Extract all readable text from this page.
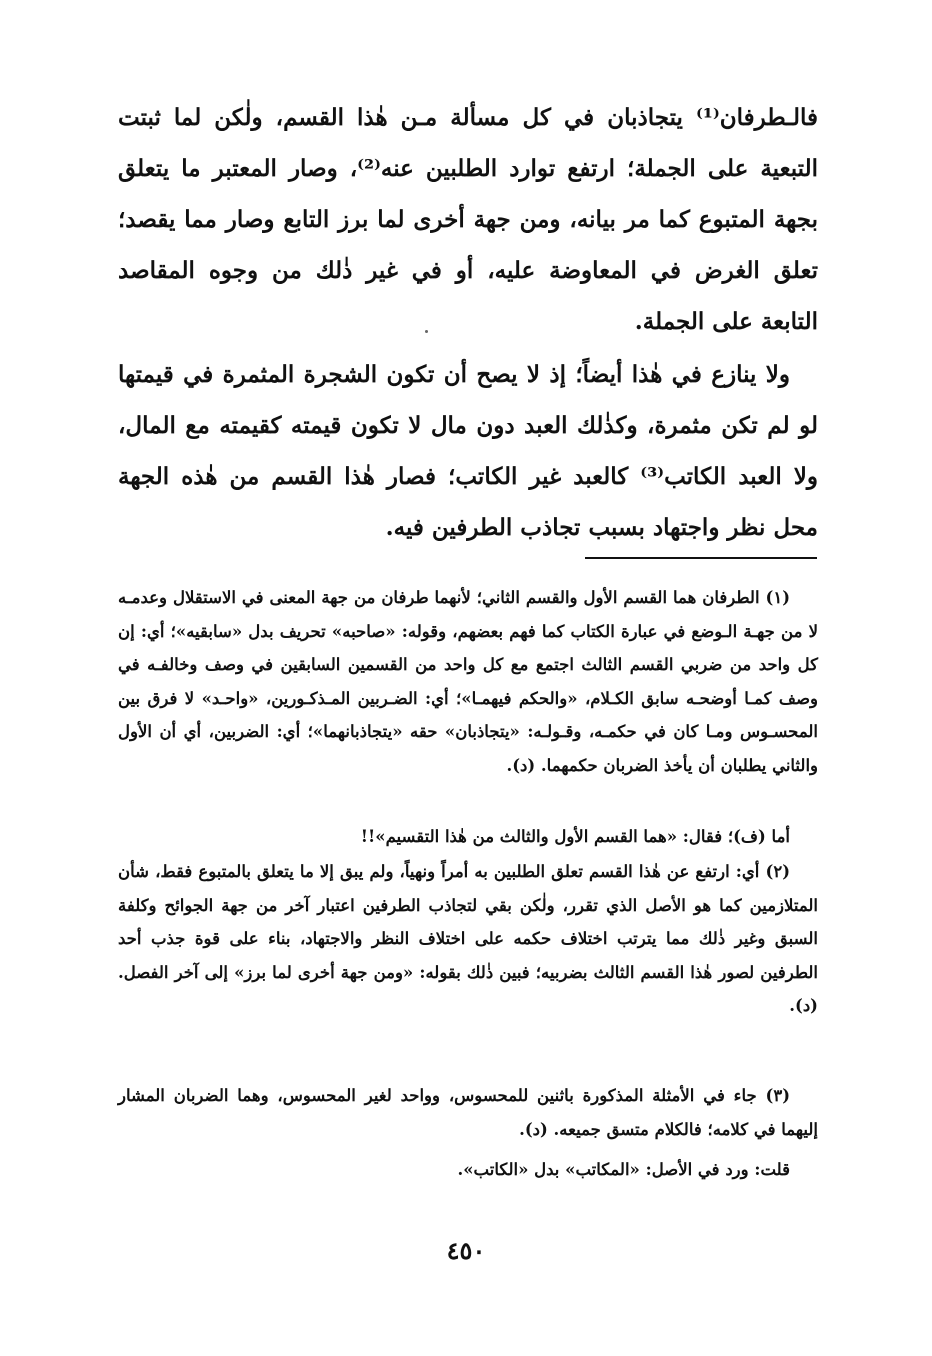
فالـطرفان⁽¹⁾ يتجاذبان في كل مسألة مـن هٰذا القسم، ولٰكن لما ثبتت التبعية على الجملة؛ ارتفع توارد الطلبين عنه⁽²⁾، وصار المعتبر ما يتعلق بجهة المتبوع كما مر بيانه، ومن جهة أخرى لما برز التابع وصار مما يقصد؛ تعلق الغرض في المعاوضة عليه، أو في غير ذٰلك من وجوه المقاصد التابعة على الجملة.
ولا ينازع في هٰذا أيضاً؛ إذ لا يصح أن تكون الشجرة المثمرة في قيمتها لو لم تكن مثمرة، وكذٰلك العبد دون مال لا تكون قيمته كقيمته مع المال، ولا العبد الكاتب⁽³⁾ كالعبد غير الكاتب؛ فصار هٰذا القسم من هٰذه الجهة محل نظر واجتهاد بسبب تجاذب الطرفين فيه.
(١) الطرفان هما القسم الأول والقسم الثاني؛ لأنهما طرفان من جهة المعنى في الاستقلال وعدمـه لا من جهـة الـوضع في عبارة الكتاب كما فهم بعضهم، وقوله: «صاحبه» تحريف بدل «سابقيه»؛ أي: إن كل واحد من ضربي القسم الثالث اجتمع مع كل واحد من القسمين السابقين في وصف وخالفـه في وصف كمـا أوضحـه سابق الكـلام، «والحكم فيهمـا»؛ أي: الضـربين المـذكـورين، «واحـد» لا فرق بين المحسـوس ومـا كان في حكمـه، وقـولـه: «يتجاذبان» حقه «يتجاذبانهما»؛ أي: الضربين، أي أن الأول والثاني يطلبان أن يأخذ الضربان حكمهما. (د).
أما (ف)؛ فقال: «هما القسم الأول والثالث من هٰذا التقسيم»!!
(٢) أي: ارتفع عن هٰذا القسم تعلق الطلبين به أمراً ونهياً، ولم يبق إلا ما يتعلق بالمتبوع فقط، شأن المتلازمين كما هو الأصل الذي تقرر، ولٰكن بقي لتجاذب الطرفين اعتبار آخر من جهة الجوائح وكلفة السبق وغير ذٰلك مما يترتب اختلاف حكمه على اختلاف النظر والاجتهاد، بناء على قوة جذب أحد الطرفين لصور هٰذا القسم الثالث بضربيه؛ فبين ذٰلك بقوله: «ومن جهة أخرى لما برز» إلى آخر الفصل. (د).
(٣) جاء في الأمثلة المذكورة باثنين للمحسوس، وواحد لغير المحسوس، وهما الضربان المشار إليهما في كلامه؛ فالكلام متسق جميعه. (د).
قلت: ورد في الأصل: «المكاتب» بدل «الكاتب».
٤٥٠
